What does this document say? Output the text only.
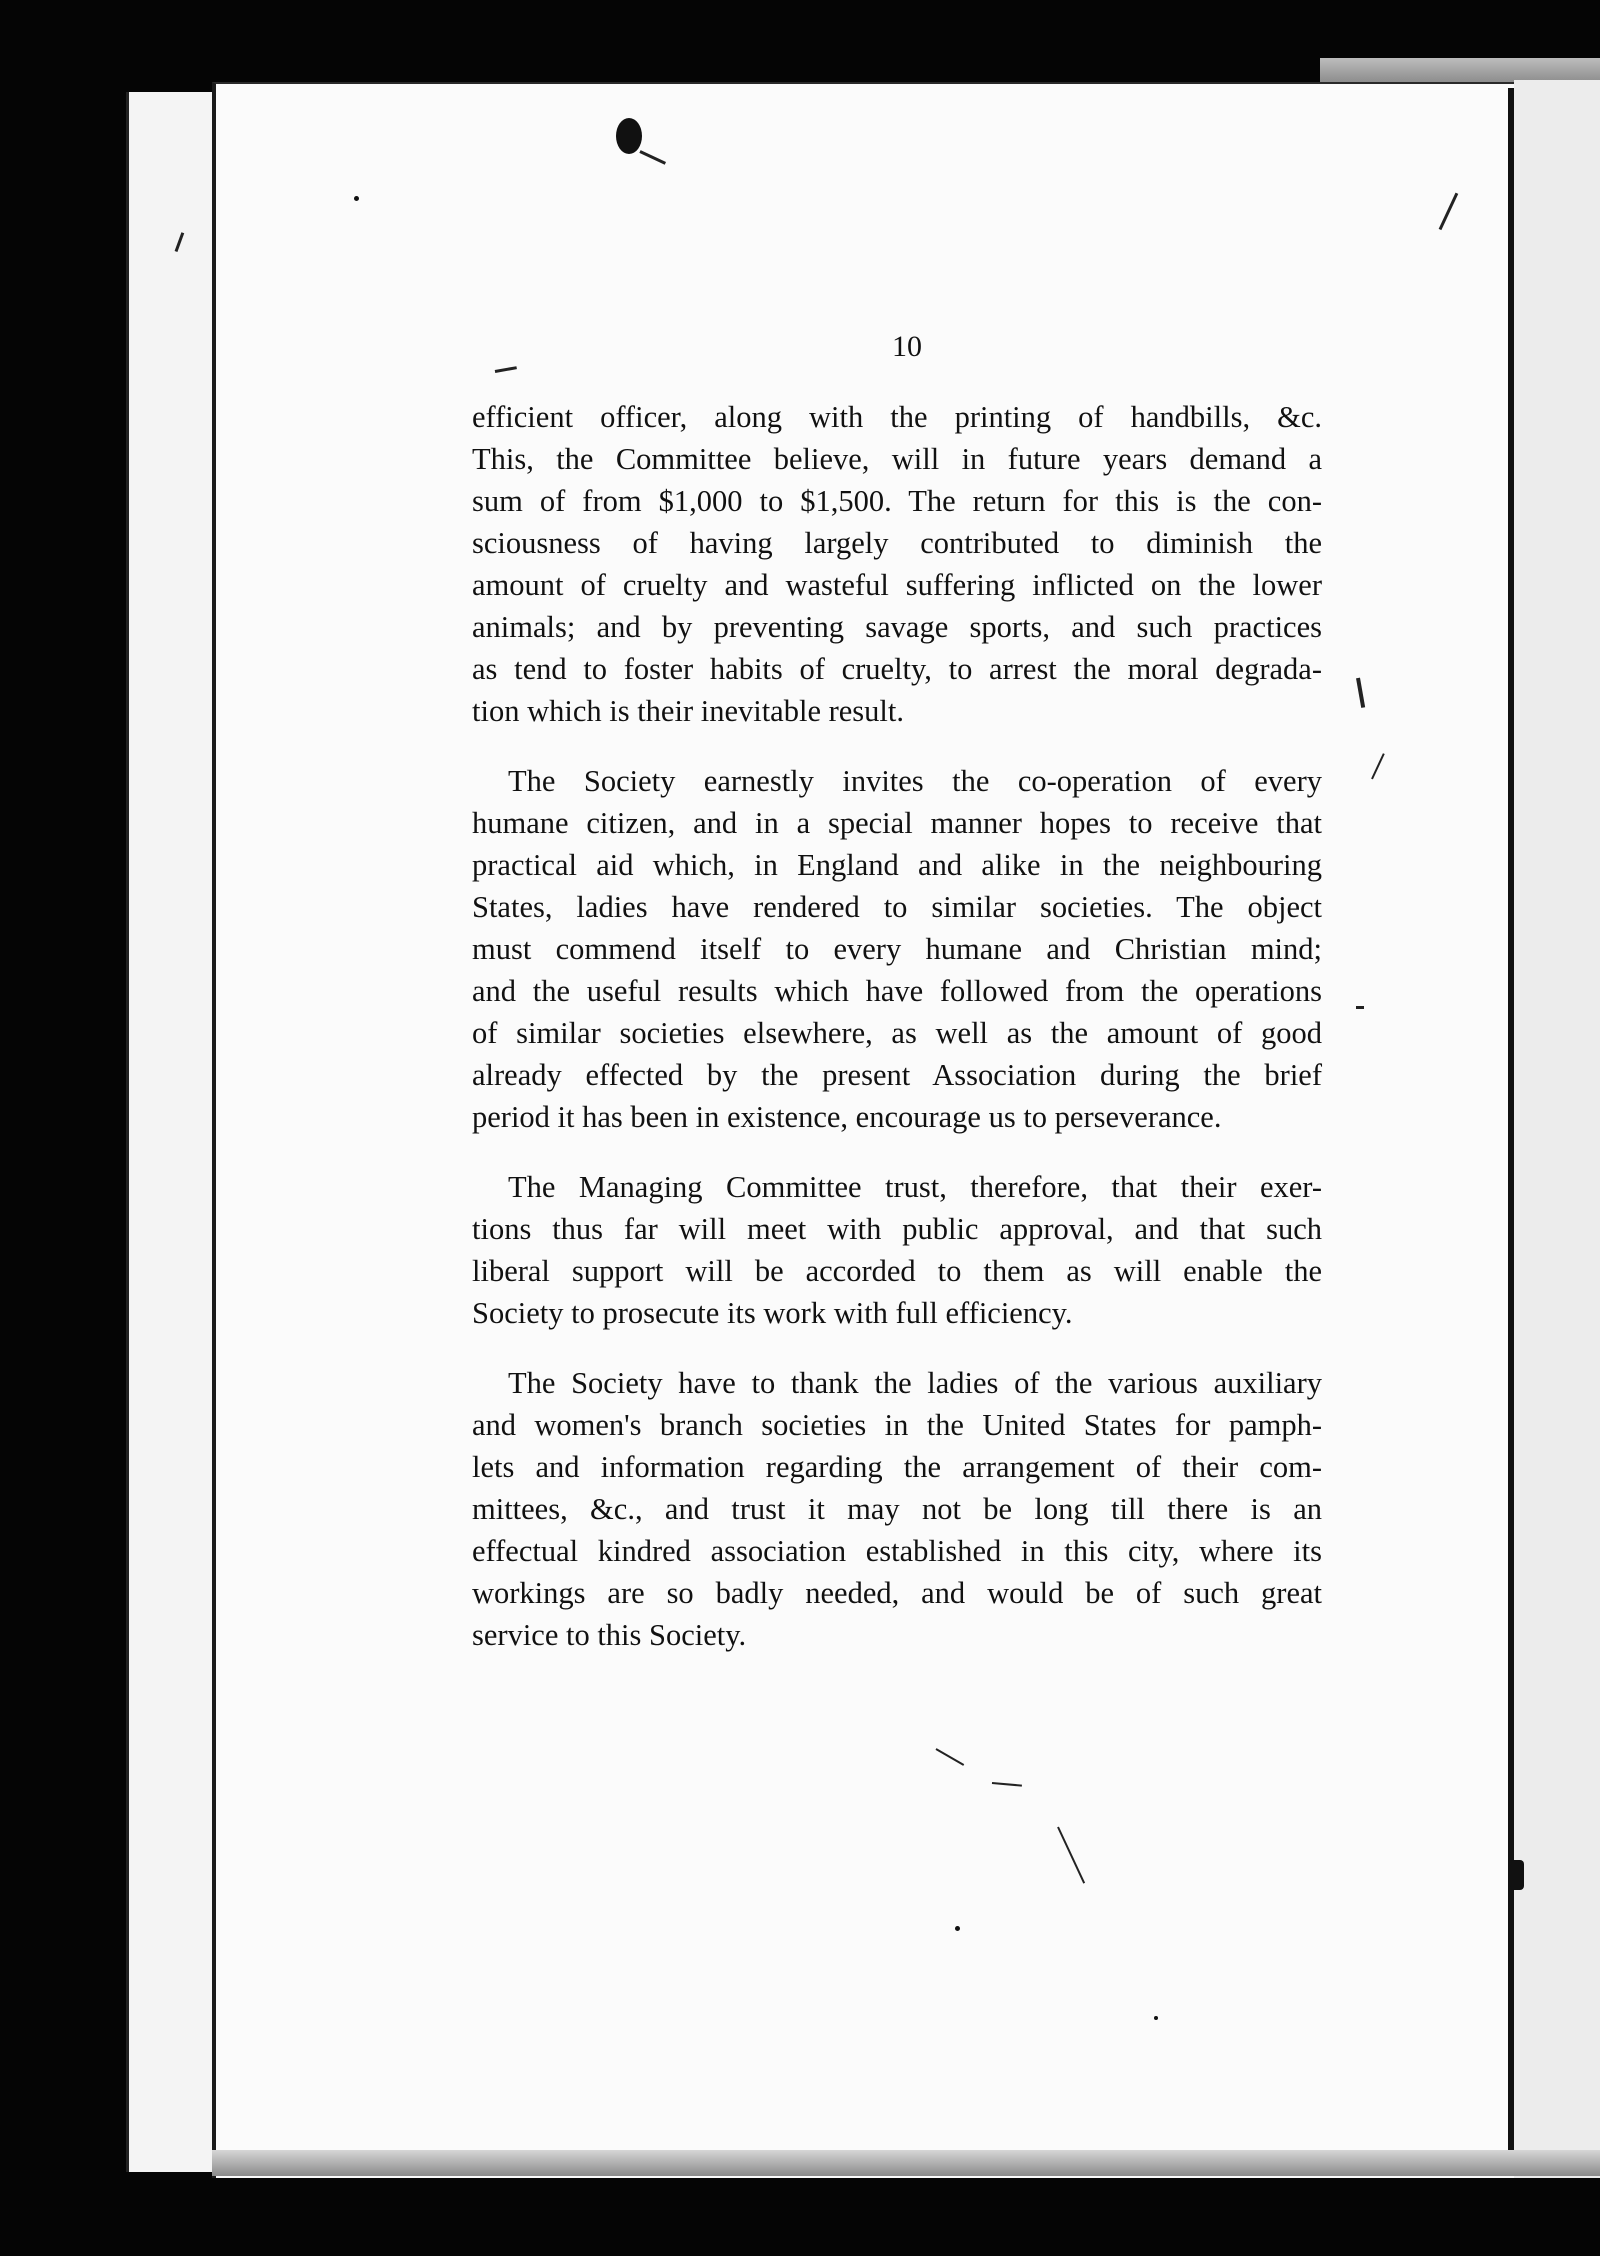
10
efficient officer, along with the printing of handbills, &c.
This, the Committee believe, will in future years demand a
sum of from $1,000 to $1,500. The return for this is the con-
sciousness of having largely contributed to diminish the
amount of cruelty and wasteful suffering inflicted on the lower
animals; and by preventing savage sports, and such practices
as tend to foster habits of cruelty, to arrest the moral degrada-
tion which is their inevitable result.
The Society earnestly invites the co-operation of every
humane citizen, and in a special manner hopes to receive that
practical aid which, in England and alike in the neighbouring
States, ladies have rendered to similar societies. The object
must commend itself to every humane and Christian mind;
and the useful results which have followed from the operations
of similar societies elsewhere, as well as the amount of good
already effected by the present Association during the brief
period it has been in existence, encourage us to perseverance.
The Managing Committee trust, therefore, that their exer-
tions thus far will meet with public approval, and that such
liberal support will be accorded to them as will enable the
Society to prosecute its work with full efficiency.
The Society have to thank the ladies of the various auxiliary
and women's branch societies in the United States for pamph-
lets and information regarding the arrangement of their com-
mittees, &c., and trust it may not be long till there is an
effectual kindred association established in this city, where its
workings are so badly needed, and would be of such great
service to this Society.
